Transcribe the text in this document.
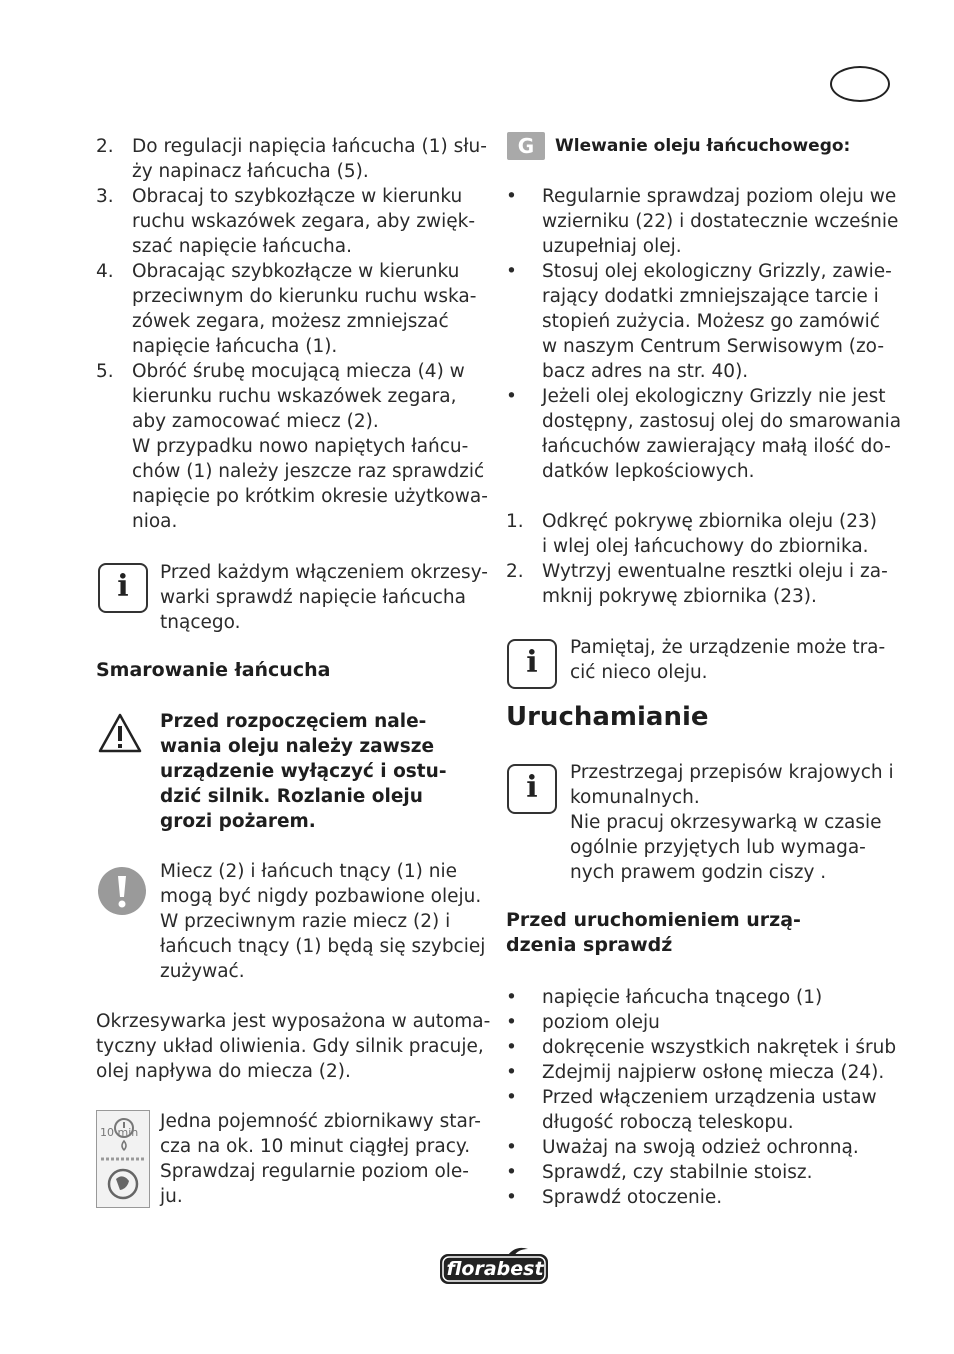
2. Do regulacji napięcia łańcucha (1) słu-
ży napinacz łańcucha (5).
3. Obracaj to szybkozłącze w kierunku
ruchu wskazówek zegara, aby zwięk-
szać napięcie łańcucha.
4. Obracając szybkozłącze w kierunku
przeciwnym do kierunku ruchu wska-
zówek zegara, możesz zmniejszać
napięcie łańcucha (1).
5. Obróć śrubę mocującą miecza (4) w
kierunku ruchu wskazówek zegara,
aby zamocować miecz (2).
W przypadku nowo napiętych łańcu-
chów (1) należy jeszcze raz sprawdzić
napięcie po krótkim okresie użytkowa-
nioa.
i	Przed każdym włączeniem okrzesy-
warki sprawdź napięcie łańcucha
tnącego.
Smarowanie łańcucha
Przed rozpoczęciem nale-
wania oleju należy zawsze
urządzenie wyłączyć i ostu-
dzić silnik. Rozlanie oleju
grozi pożarem.
Miecz (2) i łańcuch tnący (1) nie
mogą być nigdy pozbawione oleju.
W przeciwnym razie miecz (2) i
łańcuch tnący (1) będą się szybciej
zużywać.
Okrzesywarka jest wyposażona w automa-
tyczny układ oliwienia. Gdy silnik pracuje,
olej napływa do miecza (2).
10 min
Jedna pojemność zbiornikawy star-
cza na ok. 10 minut ciągłej pracy.
Sprawdzaj regularnie poziom ole-
ju.
G	Wlewanie oleju łańcuchowego:
• Regularnie sprawdzaj poziom oleju we
wzierniku (22) i dostatecznie wcześnie
uzupełniaj olej.
• Stosuj olej ekologiczny Grizzly, zawie-
rający dodatki zmniejszające tarcie i
stopień zużycia. Możesz go zamówić
w naszym Centrum Serwisowym (zo-
bacz adres na str. 40).
• Jeżeli olej ekologiczny Grizzly nie jest
dostępny, zastosuj olej do smarowania
łańcuchów zawierający małą ilość do-
datków lepkościowych.
1. Odkręć pokrywę zbiornika oleju (23)
i wlej olej łańcuchowy do zbiornika.
2. Wytrzyj ewentualne resztki oleju i za-
mknij pokrywę zbiornika (23).
i	Pamiętaj, że urządzenie może tra-
cić nieco oleju.
Uruchamianie
i	Przestrzegaj przepisów krajowych i
komunalnych.
Nie pracuj okrzesywarką w czasie
ogólnie przyjętych lub wymaga-
nych prawem godzin ciszy .
Przed uruchomieniem urzą-
dzenia sprawdź
• napięcie łańcucha tnącego (1)
• poziom oleju
• dokręcenie wszystkich nakrętek i śrub
• Zdejmij najpierw osłonę miecza (24).
• Przed włączeniem urządzenia ustaw
długość roboczą teleskopu.
• Uważaj na swoją odzież ochronną.
• Sprawdź, czy stabilnie stoisz.
• Sprawdź otoczenie.
florabest
